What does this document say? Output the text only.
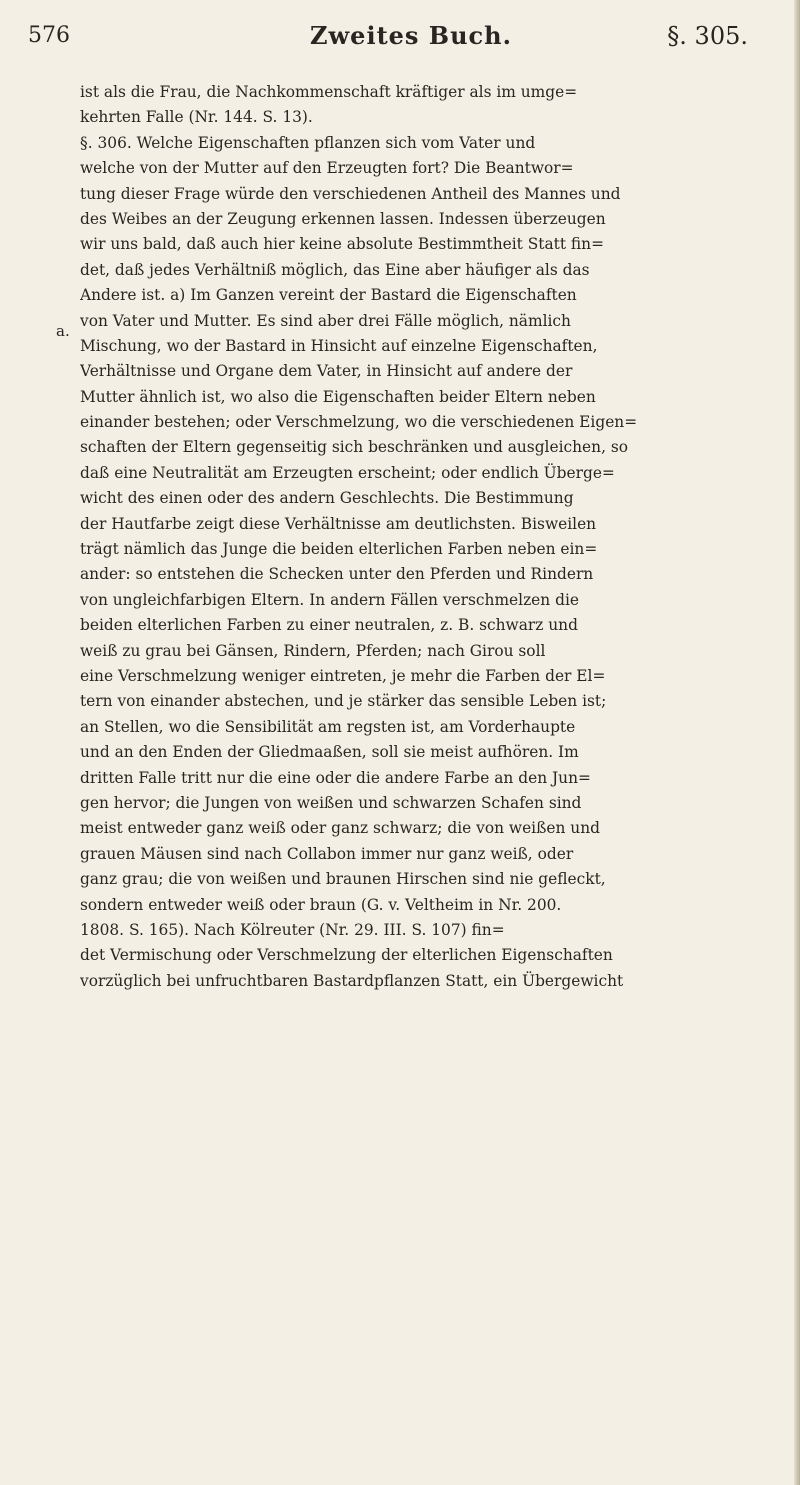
576	Zweites Buch.	§. 305.
a.
ist als die Frau, die Nachkommenschaft kräftiger als im umge=
kehrten Falle (Nr. 144. S. 13).
§. 306. Welche Eigenschaften pflanzen sich vom Vater und
welche von der Mutter auf den Erzeugten fort? Die Beantwor=
tung dieser Frage würde den verschiedenen Antheil des Mannes und
des Weibes an der Zeugung erkennen lassen. Indessen überzeugen
wir uns bald, daß auch hier keine absolute Bestimmtheit Statt fin=
det, daß jedes Verhältniß möglich, das Eine aber häufiger als das
Andere ist. a) Im Ganzen vereint der Bastard die Eigenschaften
von Vater und Mutter. Es sind aber drei Fälle möglich, nämlich
Mischung, wo der Bastard in Hinsicht auf einzelne Eigenschaften,
Verhältnisse und Organe dem Vater, in Hinsicht auf andere der
Mutter ähnlich ist, wo also die Eigenschaften beider Eltern neben
einander bestehen; oder Verschmelzung, wo die verschiedenen Eigen=
schaften der Eltern gegenseitig sich beschränken und ausgleichen, so
daß eine Neutralität am Erzeugten erscheint; oder endlich Überge=
wicht des einen oder des andern Geschlechts. Die Bestimmung
der Hautfarbe zeigt diese Verhältnisse am deutlichsten. Bisweilen
trägt nämlich das Junge die beiden elterlichen Farben neben ein=
ander: so entstehen die Schecken unter den Pferden und Rindern
von ungleichfarbigen Eltern. In andern Fällen verschmelzen die
beiden elterlichen Farben zu einer neutralen, z. B. schwarz und
weiß zu grau bei Gänsen, Rindern, Pferden; nach Girou soll
eine Verschmelzung weniger eintreten, je mehr die Farben der El=
tern von einander abstechen, und je stärker das sensible Leben ist;
an Stellen, wo die Sensibilität am regsten ist, am Vorderhaupte
und an den Enden der Gliedmaaßen, soll sie meist aufhören. Im
dritten Falle tritt nur die eine oder die andere Farbe an den Jun=
gen hervor; die Jungen von weißen und schwarzen Schafen sind
meist entweder ganz weiß oder ganz schwarz; die von weißen und
grauen Mäusen sind nach Collabon immer nur ganz weiß, oder
ganz grau; die von weißen und braunen Hirschen sind nie gefleckt,
sondern entweder weiß oder braun (G. v. Veltheim in Nr. 200.
1808. S. 165). Nach Kölreuter (Nr. 29. III. S. 107) fin=
det Vermischung oder Verschmelzung der elterlichen Eigenschaften
vorzüglich bei unfruchtbaren Bastardpflanzen Statt, ein Übergewicht
